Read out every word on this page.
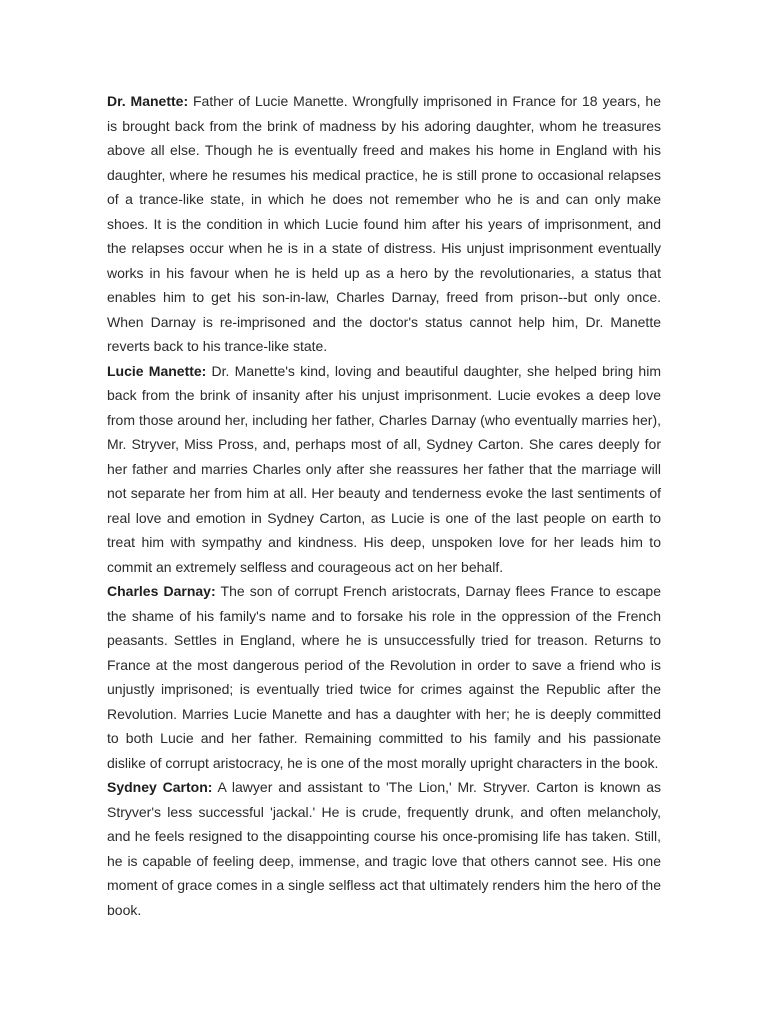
Dr. Manette: Father of Lucie Manette. Wrongfully imprisoned in France for 18 years, he is brought back from the brink of madness by his adoring daughter, whom he treasures above all else. Though he is eventually freed and makes his home in England with his daughter, where he resumes his medical practice, he is still prone to occasional relapses of a trance-like state, in which he does not remember who he is and can only make shoes. It is the condition in which Lucie found him after his years of imprisonment, and the relapses occur when he is in a state of distress. His unjust imprisonment eventually works in his favour when he is held up as a hero by the revolutionaries, a status that enables him to get his son-in-law, Charles Darnay, freed from prison--but only once. When Darnay is re-imprisoned and the doctor's status cannot help him, Dr. Manette reverts back to his trance-like state.

Lucie Manette: Dr. Manette's kind, loving and beautiful daughter, she helped bring him back from the brink of insanity after his unjust imprisonment. Lucie evokes a deep love from those around her, including her father, Charles Darnay (who eventually marries her), Mr. Stryver, Miss Pross, and, perhaps most of all, Sydney Carton. She cares deeply for her father and marries Charles only after she reassures her father that the marriage will not separate her from him at all. Her beauty and tenderness evoke the last sentiments of real love and emotion in Sydney Carton, as Lucie is one of the last people on earth to treat him with sympathy and kindness. His deep, unspoken love for her leads him to commit an extremely selfless and courageous act on her behalf.

Charles Darnay: The son of corrupt French aristocrats, Darnay flees France to escape the shame of his family's name and to forsake his role in the oppression of the French peasants. Settles in England, where he is unsuccessfully tried for treason. Returns to France at the most dangerous period of the Revolution in order to save a friend who is unjustly imprisoned; is eventually tried twice for crimes against the Republic after the Revolution. Marries Lucie Manette and has a daughter with her; he is deeply committed to both Lucie and her father. Remaining committed to his family and his passionate dislike of corrupt aristocracy, he is one of the most morally upright characters in the book.

Sydney Carton: A lawyer and assistant to 'The Lion,' Mr. Stryver. Carton is known as Stryver's less successful 'jackal.' He is crude, frequently drunk, and often melancholy, and he feels resigned to the disappointing course his once-promising life has taken. Still, he is capable of feeling deep, immense, and tragic love that others cannot see. His one moment of grace comes in a single selfless act that ultimately renders him the hero of the book.
